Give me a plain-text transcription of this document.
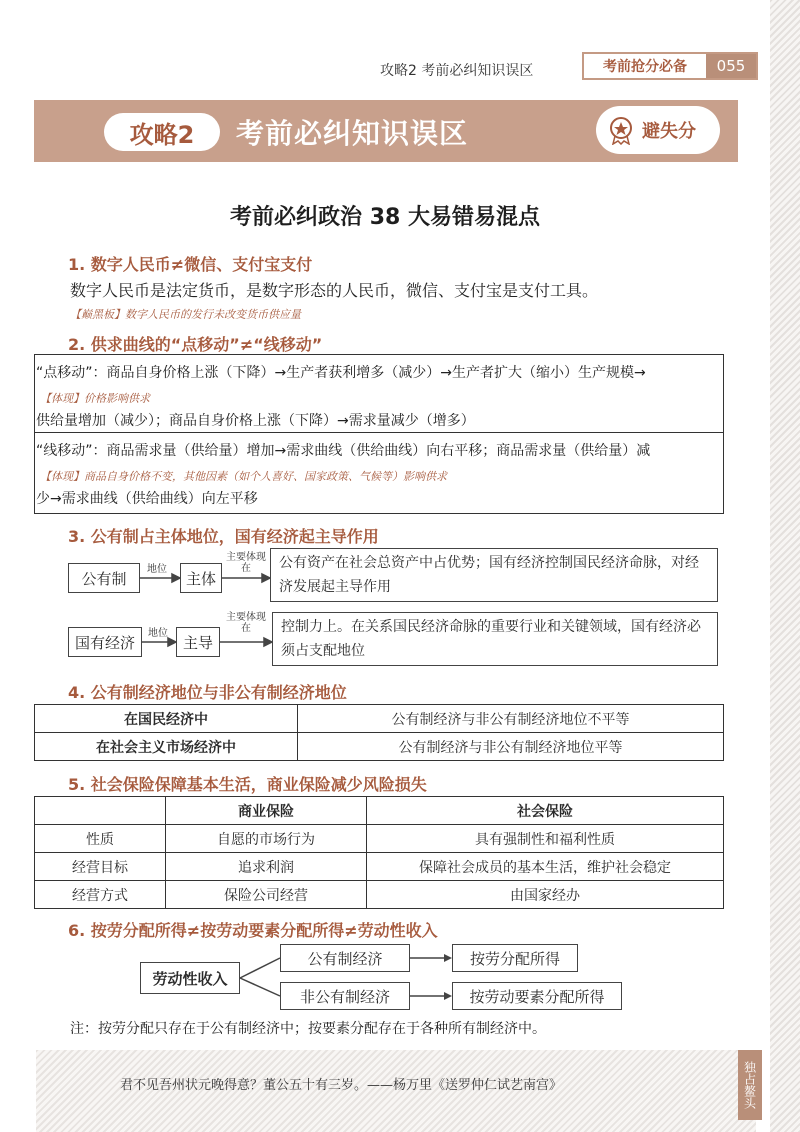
攻略2 考前必纠知识误区	考前抢分必备	055
攻略2	考前必纠知识误区	避失分
考前必纠政治 38 大易错易混点
1. 数字人民币≠微信、支付宝支付
数字人民币是法定货币，是数字形态的人民币，微信、支付宝是支付工具。
【巅黑板】数字人民币的发行未改变货币供应量
2. 供求曲线的“点移动”≠“线移动”
“点移动”：商品自身价格上涨（下降）→生产者获利增多（减少）→生产者扩大（缩小）生产规模→
【体现】价格影响供求
供给量增加（减少）；商品自身价格上涨（下降）→需求量减少（增多）
“线移动”：商品需求量（供给量）增加→需求曲线（供给曲线）向右平移；商品需求量（供给量）减
【体现】商品自身价格不变，其他因素（如个人喜好、国家政策、气候等）影响供求
少→需求曲线（供给曲线）向左平移
3. 公有制占主体地位，国有经济起主导作用
公有制	地位	主体
主要体现在	公有资产在社会总资产中占优势；国有经济控制国民经济命脉，对经济发展起主导作用
国有经济	地位 主导
主要体现在	控制力上。在关系国民经济命脉的重要行业和关键领域，国有经济必须占支配地位
4. 公有制经济地位与非公有制经济地位
在国民经济中	公有制经济与非公有制经济地位不平等
在社会主义市场经济中	公有制经济与非公有制经济地位平等
5. 社会保险保障基本生活，商业保险减少风险损失
	商业保险	社会保险
性质	自愿的市场行为	具有强制性和福利性质
经营目标	追求利润	保障社会成员的基本生活，维护社会稳定
经营方式	保险公司经营	由国家经办
6. 按劳分配所得≠按劳动要素分配所得≠劳动性收入
劳动性收入
公有制经济
非公有制经济
按劳分配所得
按劳动要素分配所得
注：按劳分配只存在于公有制经济中；按要素分配存在于各种所有制经济中。
君不见吾州状元晚得意？董公五十有三岁。——杨万里《送罗仲仁试艺南宫》	独占鳌头
